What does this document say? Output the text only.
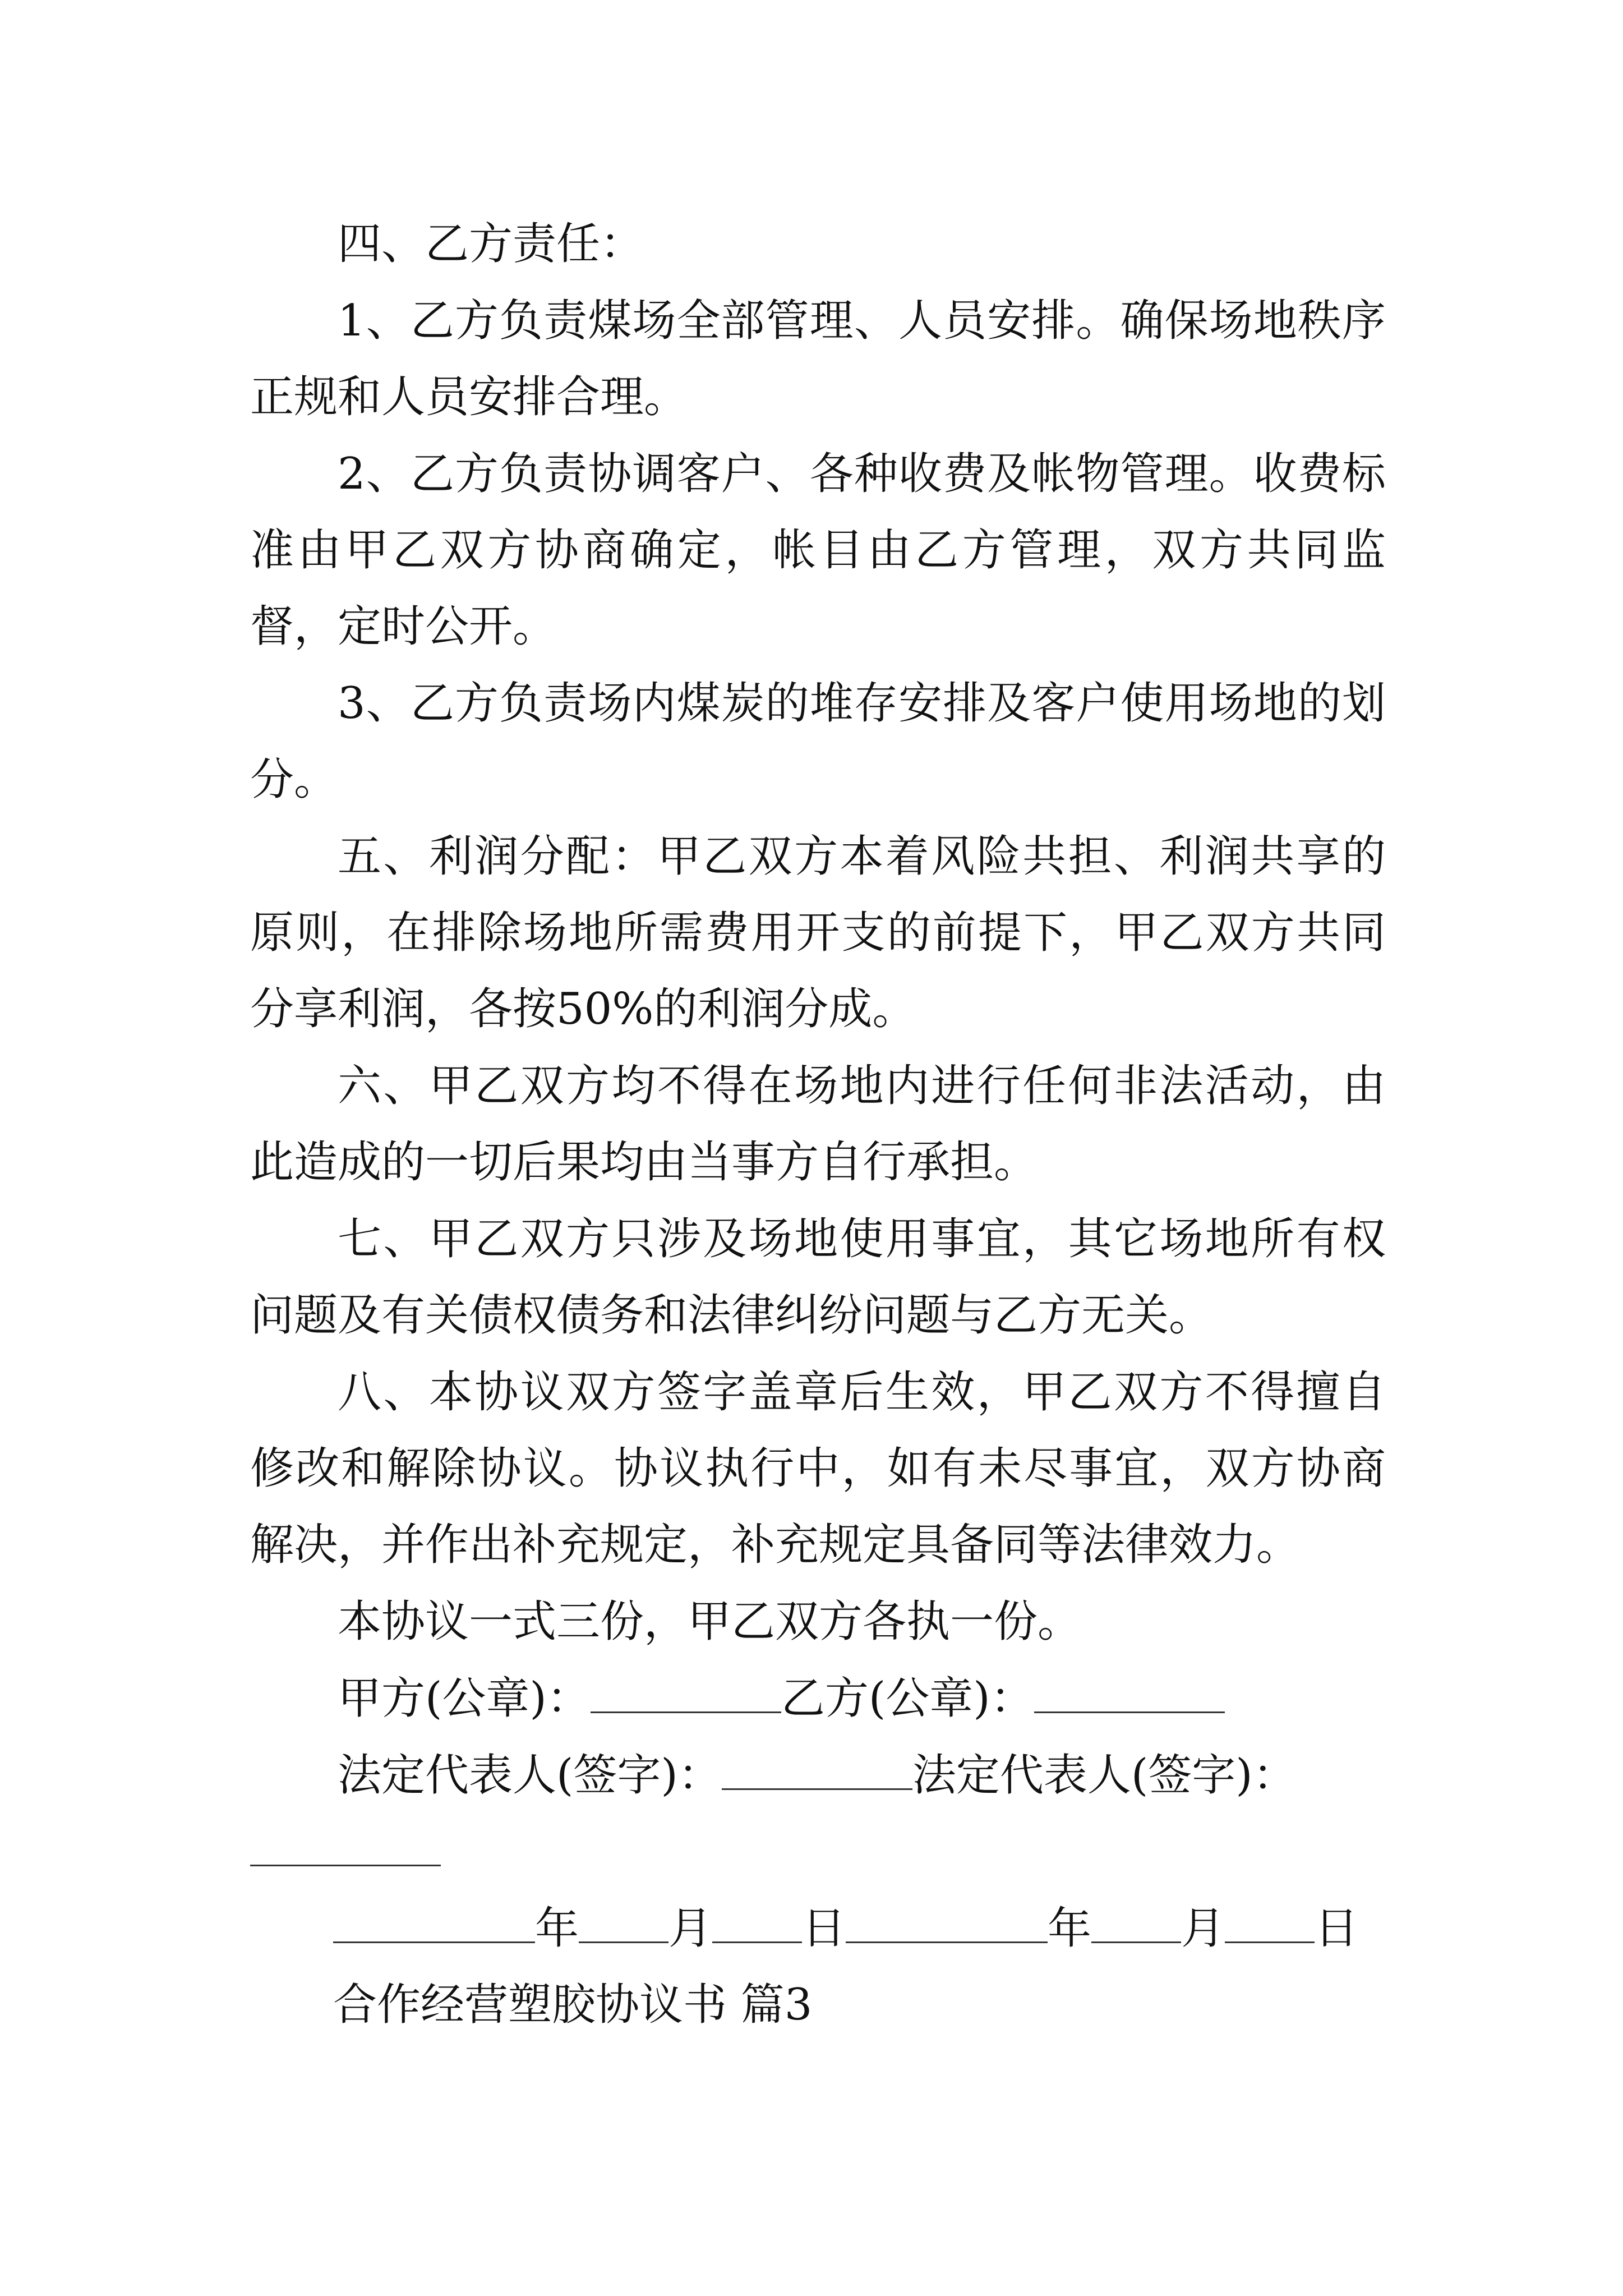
四、乙方责任：

1、乙方负责煤场全部管理、人员安排。确保场地秩序正规和人员安排合理。

2、乙方负责协调客户、各种收费及帐物管理。收费标准由甲乙双方协商确定，帐目由乙方管理，双方共同监督，定时公开。

3、乙方负责场内煤炭的堆存安排及客户使用场地的划分。

五、利润分配：甲乙双方本着风险共担、利润共享的原则，在排除场地所需费用开支的前提下，甲乙双方共同分享利润，各按50%的利润分成。

六、甲乙双方均不得在场地内进行任何非法活动，由此造成的一切后果均由当事方自行承担。

七、甲乙双方只涉及场地使用事宜，其它场地所有权问题及有关债权债务和法律纠纷问题与乙方无关。

八、本协议双方签字盖章后生效，甲乙双方不得擅自修改和解除协议。协议执行中，如有未尽事宜，双方协商解决，并作出补充规定，补充规定具备同等法律效力。

本协议一式三份，甲乙双方各执一份。

甲方(公章)：	乙方(公章)：
法定代表人(签字)：	法定代表人(签字)：
年 月 日	年 月 日
合作经营塑胶协议书 篇3
